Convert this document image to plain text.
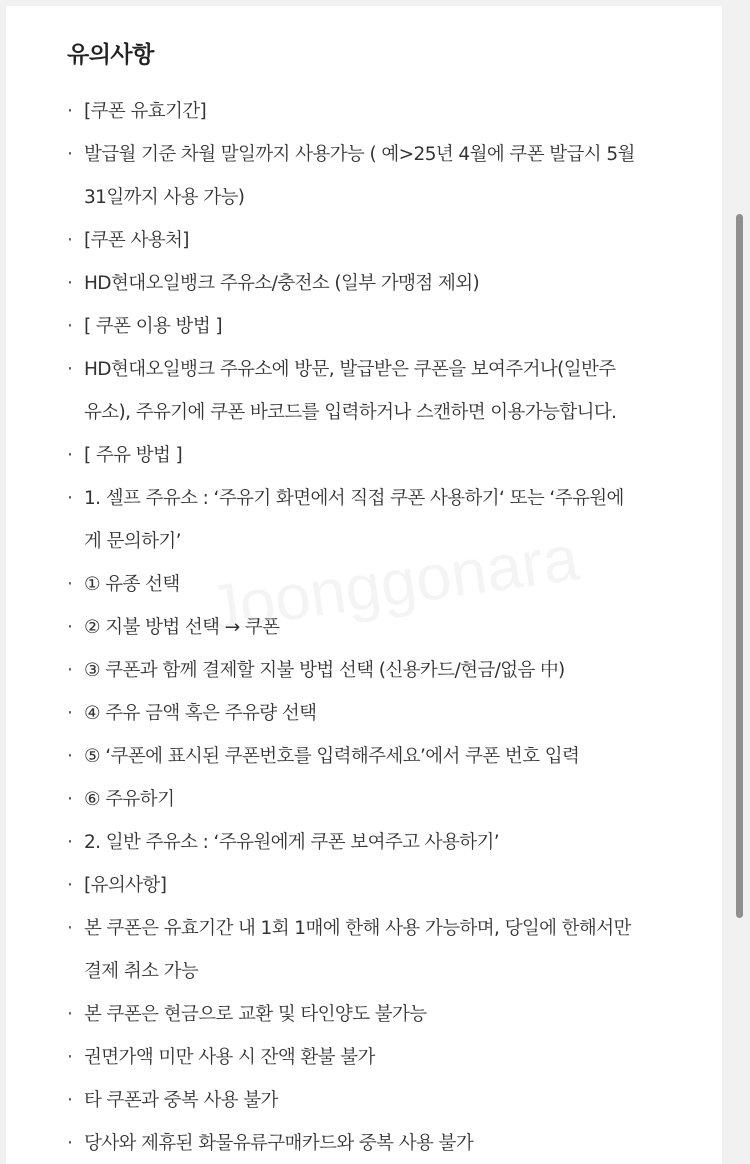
유의사항
· [쿠폰 유효기간]
· 발급월 기준 차월 말일까지 사용가능 ( 예>25년 4월에 쿠폰 발급시 5월
31일까지 사용 가능)
· [쿠폰 사용처]
· HD현대오일뱅크 주유소/충전소 (일부 가맹점 제외)
· [ 쿠폰 이용 방법 ]
· HD현대오일뱅크 주유소에 방문, 발급받은 쿠폰을 보여주거나(일반주
유소), 주유기에 쿠폰 바코드를 입력하거나 스캔하면 이용가능합니다.
· [ 주유 방법 ]
· 1. 셀프 주유소 : ‘주유기 화면에서 직접 쿠폰 사용하기‘ 또는 ‘주유원에
게 문의하기’
· ① 유종 선택
· ② 지불 방법 선택 → 쿠폰
· ③ 쿠폰과 함께 결제할 지불 방법 선택 (신용카드/현금/없음 中)
· ④ 주유 금액 혹은 주유량 선택
· ⑤ ‘쿠폰에 표시된 쿠폰번호를 입력해주세요’에서 쿠폰 번호 입력
· ⑥ 주유하기
· 2. 일반 주유소 : ‘주유원에게 쿠폰 보여주고 사용하기’
· [유의사항]
· 본 쿠폰은 유효기간 내 1회 1매에 한해 사용 가능하며, 당일에 한해서만
결제 취소 가능
· 본 쿠폰은 현금으로 교환 및 타인양도 불가능
· 권면가액 미만 사용 시 잔액 환불 불가
· 타 쿠폰과 중복 사용 불가
· 당사와 제휴된 화물유류구매카드와 중복 사용 불가
